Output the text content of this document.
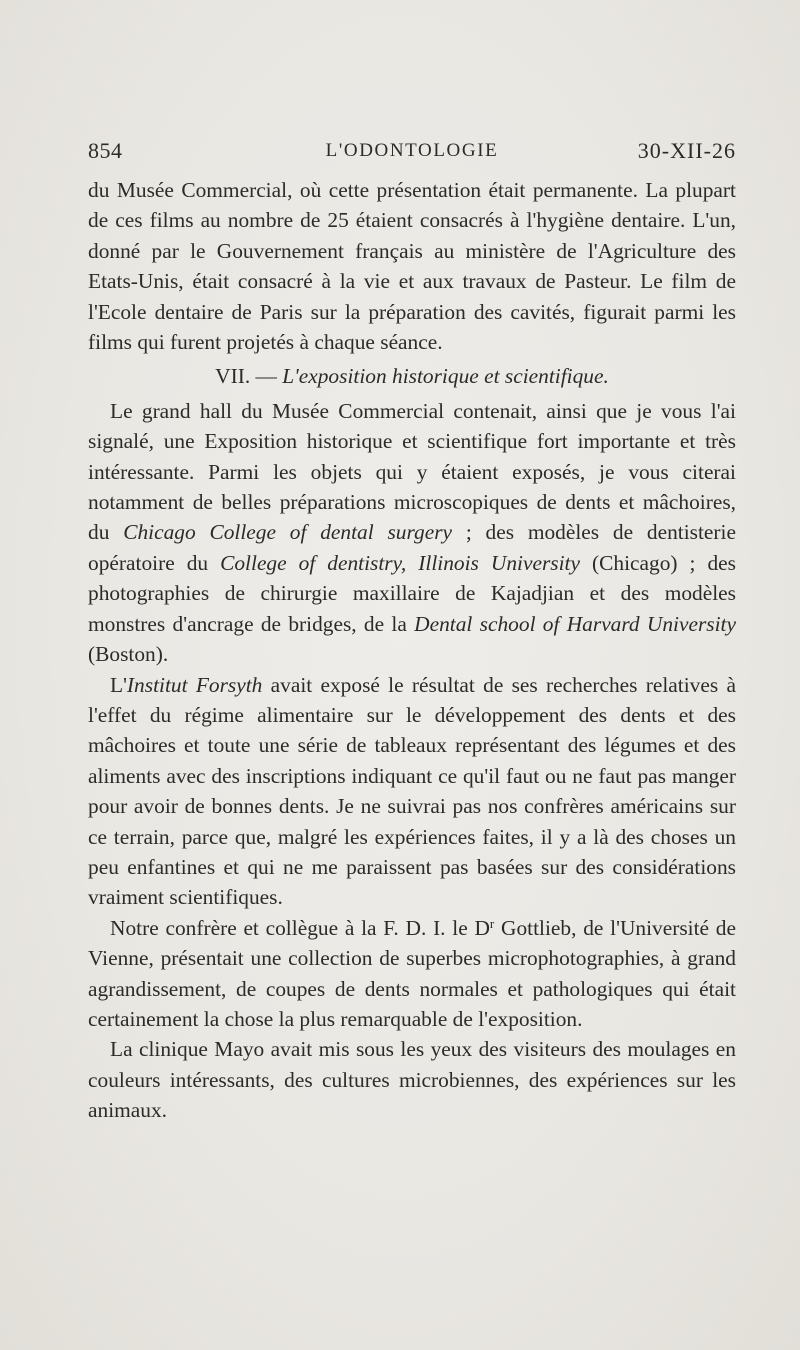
854	L'ODONTOLOGIE	30-XII-26

du Musée Commercial, où cette présentation était permanente. La plupart de ces films au nombre de 25 étaient consacrés à l'hygiène dentaire. L'un, donné par le Gouvernement français au ministère de l'Agriculture des Etats-Unis, était consacré à la vie et aux travaux de Pasteur. Le film de l'Ecole dentaire de Paris sur la préparation des cavités, figurait parmi les films qui furent projetés à chaque séance.

VII. — L'exposition historique et scientifique.

Le grand hall du Musée Commercial contenait, ainsi que je vous l'ai signalé, une Exposition historique et scientifique fort importante et très intéressante. Parmi les objets qui y étaient exposés, je vous citerai notamment de belles préparations microscopiques de dents et mâchoires, du Chicago College of dental surgery ; des modèles de dentisterie opératoire du College of dentistry, Illinois University (Chicago) ; des photographies de chirurgie maxillaire de Kajadjian et des modèles monstres d'ancrage de bridges, de la Dental school of Harvard University (Boston).

L'Institut Forsyth avait exposé le résultat de ses recherches relatives à l'effet du régime alimentaire sur le développement des dents et des mâchoires et toute une série de tableaux représentant des légumes et des aliments avec des inscriptions indiquant ce qu'il faut ou ne faut pas manger pour avoir de bonnes dents. Je ne suivrai pas nos confrères américains sur ce terrain, parce que, malgré les expériences faites, il y a là des choses un peu enfantines et qui ne me paraissent pas basées sur des considérations vraiment scientifiques.

Notre confrère et collègue à la F. D. I. le $D^r$ Gottlieb, de l'Université de Vienne, présentait une collection de superbes microphotographies, à grand agrandissement, de coupes de dents normales et pathologiques qui était certainement la chose la plus remarquable de l'exposition.

La clinique Mayo avait mis sous les yeux des visiteurs des moulages en couleurs intéressants, des cultures microbiennes, des expériences sur les animaux.
